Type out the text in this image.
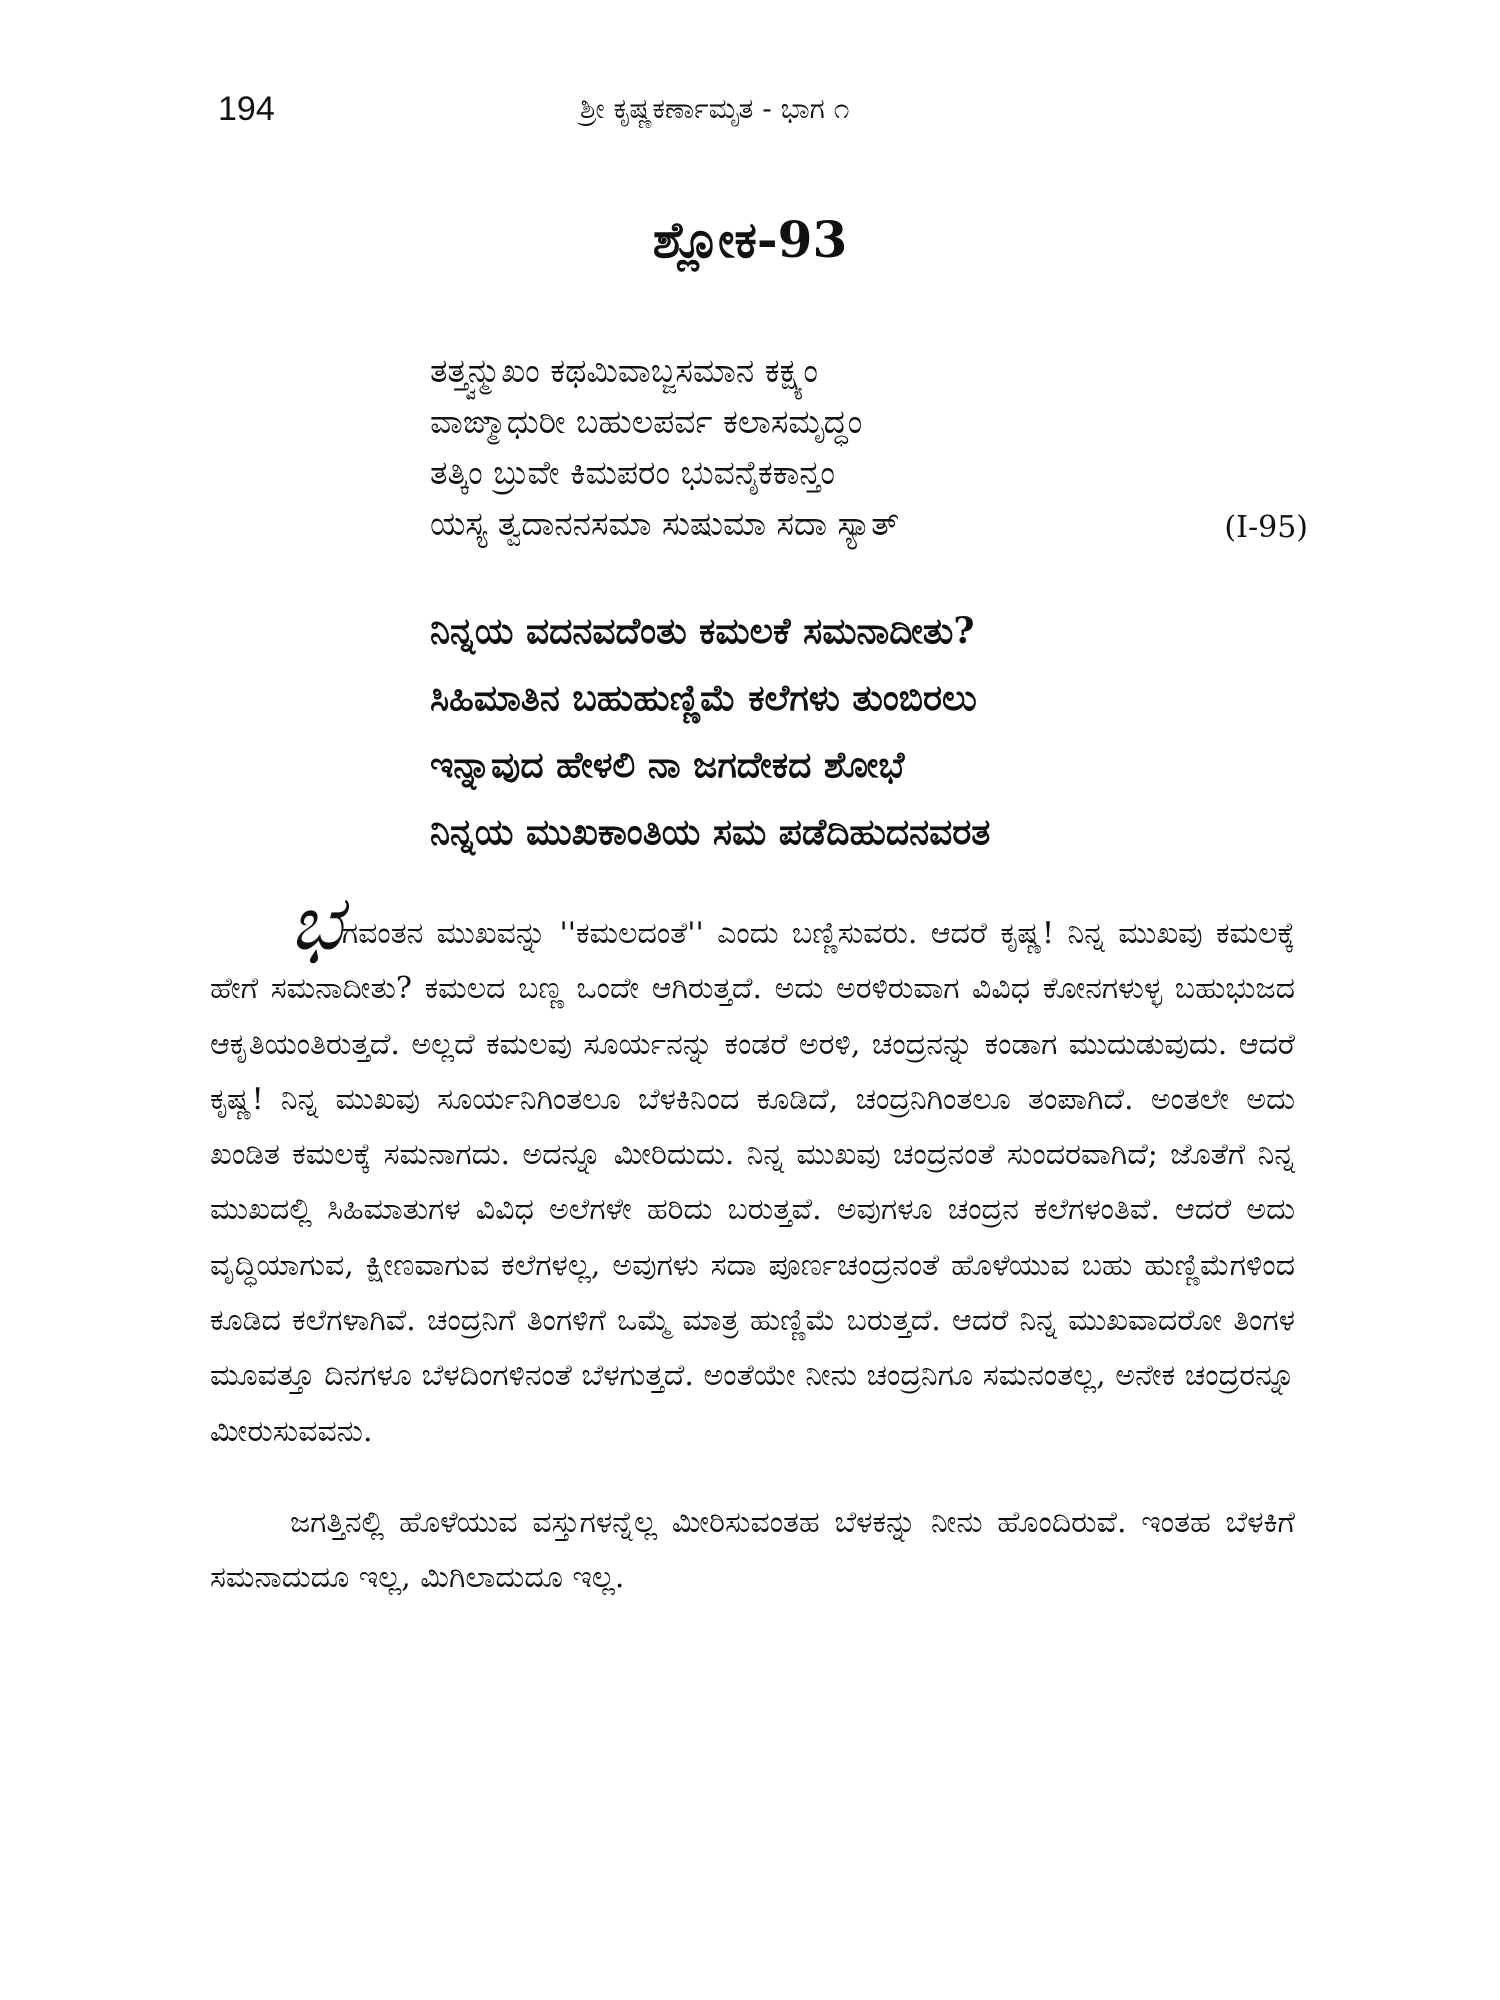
194	ಶ್ರೀ ಕೃಷ್ಣಕರ್ಣಾಮೃತ - ಭಾಗ ೧
ಶ್ಲೋಕ-93
ತತ್ತ್ವನ್ಮುಖಂ ಕಥಮಿವಾಬ್ಜಸಮಾನ ಕಕ್ಷ್ಯಂ
ವಾಙ್ಮಾಧುರೀ ಬಹುಲಪರ್ವ ಕಲಾಸಮೃದ್ಧಂ
ತತ್ಕಿಂ ಬ್ರುವೇ ಕಿಮಪರಂ ಭುವನೈಕಕಾನ್ತಂ
ಯಸ್ಯ ತ್ವದಾನನಸಮಾ ಸುಷುಮಾ ಸದಾ ಸ್ಯಾತ್	(I-95)
ನಿನ್ನಯ ವದನವದೆಂತು ಕಮಲಕೆ ಸಮನಾದೀತು?
ಸಿಹಿಮಾತಿನ ಬಹುಹುಣ್ಣಿಮೆ ಕಲೆಗಳು ತುಂಬಿರಲು
ಇನ್ನಾವುದ ಹೇಳಲಿ ನಾ ಜಗದೇಕದ ಶೋಭೆ
ನಿನ್ನಯ ಮುಖಕಾಂತಿಯ ಸಮ ಪಡೆದಿಹುದನವರತ

ಭಗವಂತನ ಮುಖವನ್ನು ''ಕಮಲದಂತೆ'' ಎಂದು ಬಣ್ಣಿಸುವರು. ಆದರೆ ಕೃಷ್ಣ! ನಿನ್ನ ಮುಖವು ಕಮಲಕ್ಕೆ ಹೇಗೆ ಸಮನಾದೀತು? ಕಮಲದ ಬಣ್ಣ ಒಂದೇ ಆಗಿರುತ್ತದೆ. ಅದು ಅರಳಿರುವಾಗ ವಿವಿಧ ಕೋನಗಳುಳ್ಳ ಬಹುಭುಜದ ಆಕೃತಿಯಂತಿರುತ್ತದೆ. ಅಲ್ಲದೆ ಕಮಲವು ಸೂರ್ಯನನ್ನು ಕಂಡರೆ ಅರಳಿ, ಚಂದ್ರನನ್ನು ಕಂಡಾಗ ಮುದುಡುವುದು. ಆದರೆ ಕೃಷ್ಣ! ನಿನ್ನ ಮುಖವು ಸೂರ್ಯನಿಗಿಂತಲೂ ಬೆಳಕಿನಿಂದ ಕೂಡಿದೆ, ಚಂದ್ರನಿಗಿಂತಲೂ ತಂಪಾಗಿದೆ. ಅಂತಲೇ ಅದು ಖಂಡಿತ ಕಮಲಕ್ಕೆ ಸಮನಾಗದು. ಅದನ್ನೂ ಮೀರಿದುದು. ನಿನ್ನ ಮುಖವು ಚಂದ್ರನಂತೆ ಸುಂದರವಾಗಿದೆ; ಜೊತೆಗೆ ನಿನ್ನ ಮುಖದಲ್ಲಿ ಸಿಹಿಮಾತುಗಳ ವಿವಿಧ ಅಲೆಗಳೇ ಹರಿದು ಬರುತ್ತವೆ. ಅವುಗಳೂ ಚಂದ್ರನ ಕಲೆಗಳಂತಿವೆ. ಆದರೆ ಅದು ವೃದ್ಧಿಯಾಗುವ, ಕ್ಷೀಣವಾಗುವ ಕಲೆಗಳಲ್ಲ, ಅವುಗಳು ಸದಾ ಪೂರ್ಣಚಂದ್ರನಂತೆ ಹೊಳೆಯುವ ಬಹು ಹುಣ್ಣಿಮೆಗಳಿಂದ ಕೂಡಿದ ಕಲೆಗಳಾಗಿವೆ. ಚಂದ್ರನಿಗೆ ತಿಂಗಳಿಗೆ ಒಮ್ಮೆ ಮಾತ್ರ ಹುಣ್ಣಿಮೆ ಬರುತ್ತದೆ. ಆದರೆ ನಿನ್ನ ಮುಖವಾದರೋ ತಿಂಗಳ ಮೂವತ್ತೂ ದಿನಗಳೂ ಬೆಳದಿಂಗಳಿನಂತೆ ಬೆಳಗುತ್ತದೆ. ಅಂತೆಯೇ ನೀನು ಚಂದ್ರನಿಗೂ ಸಮನಂತಲ್ಲ, ಅನೇಕ ಚಂದ್ರರನ್ನೂ ಮೀರುಸುವವನು.

ಜಗತ್ತಿನಲ್ಲಿ ಹೊಳೆಯುವ ವಸ್ತುಗಳನ್ನೆಲ್ಲ ಮೀರಿಸುವಂತಹ ಬೆಳಕನ್ನು ನೀನು ಹೊಂದಿರುವೆ. ಇಂತಹ ಬೆಳಕಿಗೆ ಸಮನಾದುದೂ ಇಲ್ಲ, ಮಿಗಿಲಾದುದೂ ಇಲ್ಲ.
